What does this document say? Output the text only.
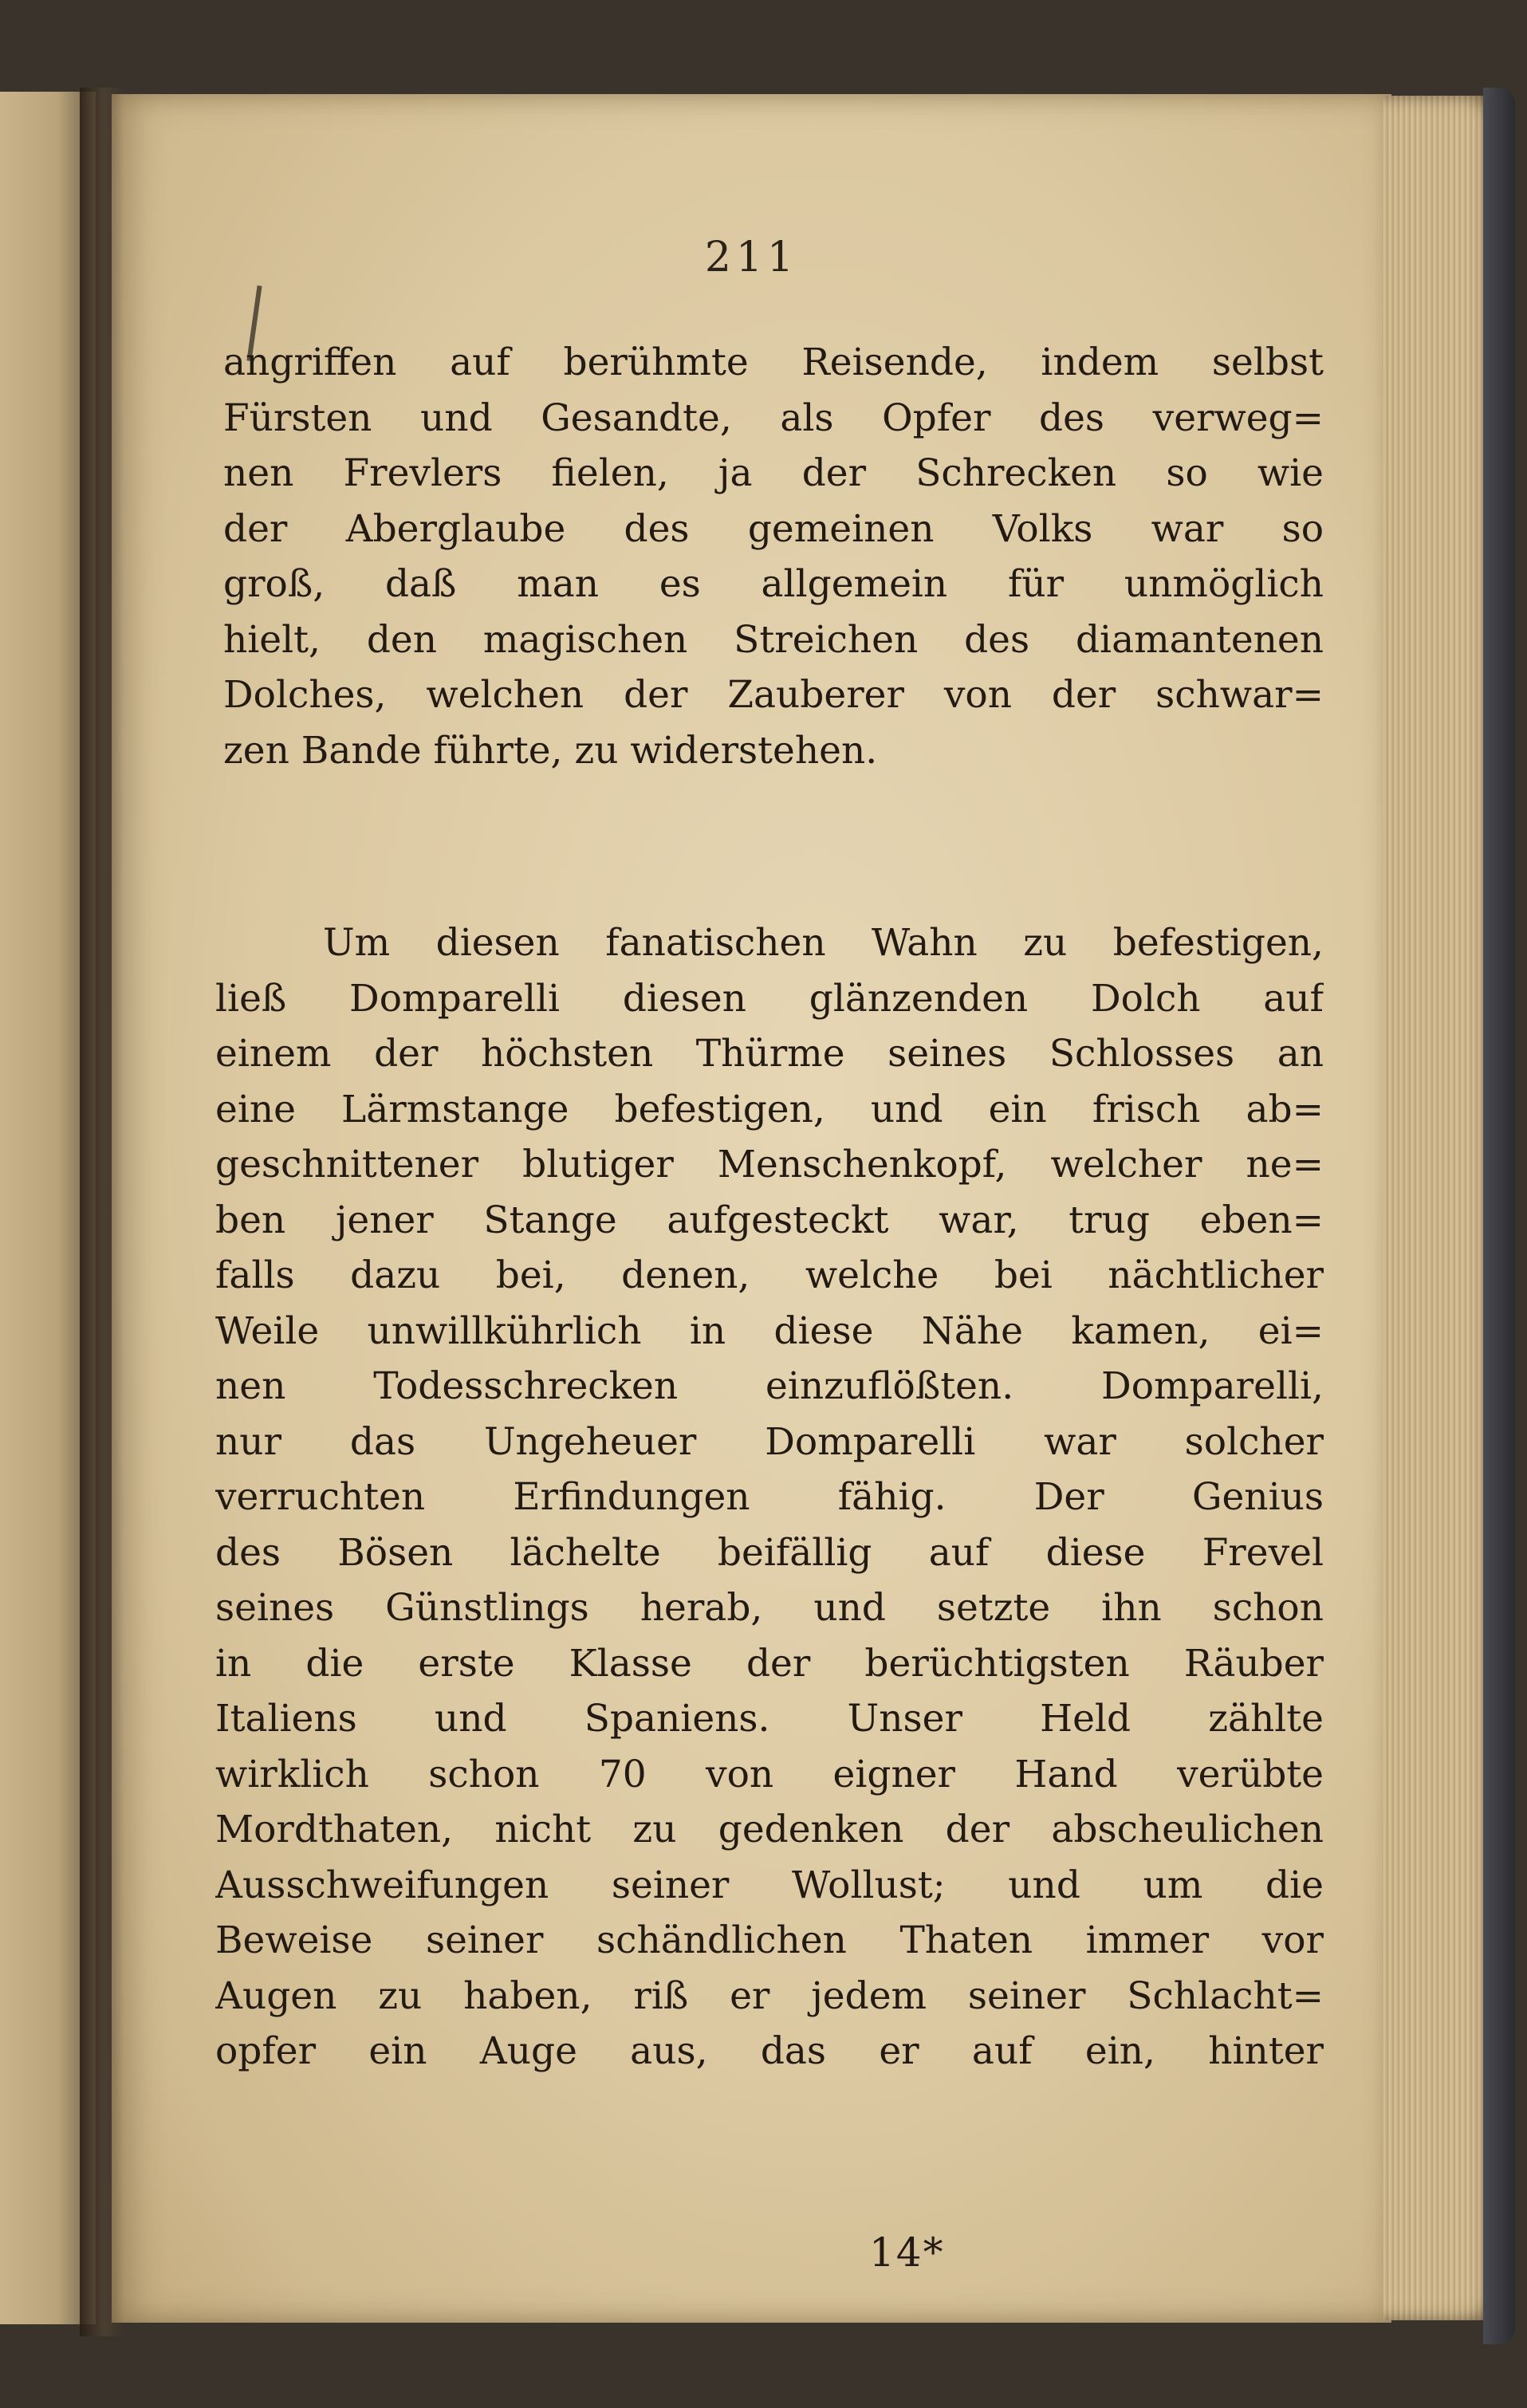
211
angriffen auf berühmte Reisende, indem selbst
Fürsten und Gesandte, als Opfer des verweg=
nen Frevlers fielen, ja der Schrecken so wie
der Aberglaube des gemeinen Volks war so
groß, daß man es allgemein für unmöglich
hielt, den magischen Streichen des diamantenen
Dolches, welchen der Zauberer von der schwar=
zen Bande führte, zu widerstehen.
Um diesen fanatischen Wahn zu befestigen,
ließ Domparelli diesen glänzenden Dolch auf
einem der höchsten Thürme seines Schlosses an
eine Lärmstange befestigen, und ein frisch ab=
geschnittener blutiger Menschenkopf, welcher ne=
ben jener Stange aufgesteckt war, trug eben=
falls dazu bei, denen, welche bei nächtlicher
Weile unwillkührlich in diese Nähe kamen, ei=
nen Todesschrecken einzuflößten. Domparelli,
nur das Ungeheuer Domparelli war solcher
verruchten Erfindungen fähig. Der Genius
des Bösen lächelte beifällig auf diese Frevel
seines Günstlings herab, und setzte ihn schon
in die erste Klasse der berüchtigsten Räuber
Italiens und Spaniens. Unser Held zählte
wirklich schon 70 von eigner Hand verübte
Mordthaten, nicht zu gedenken der abscheulichen
Ausschweifungen seiner Wollust; und um die
Beweise seiner schändlichen Thaten immer vor
Augen zu haben, riß er jedem seiner Schlacht=
opfer ein Auge aus, das er auf ein, hinter
14*
